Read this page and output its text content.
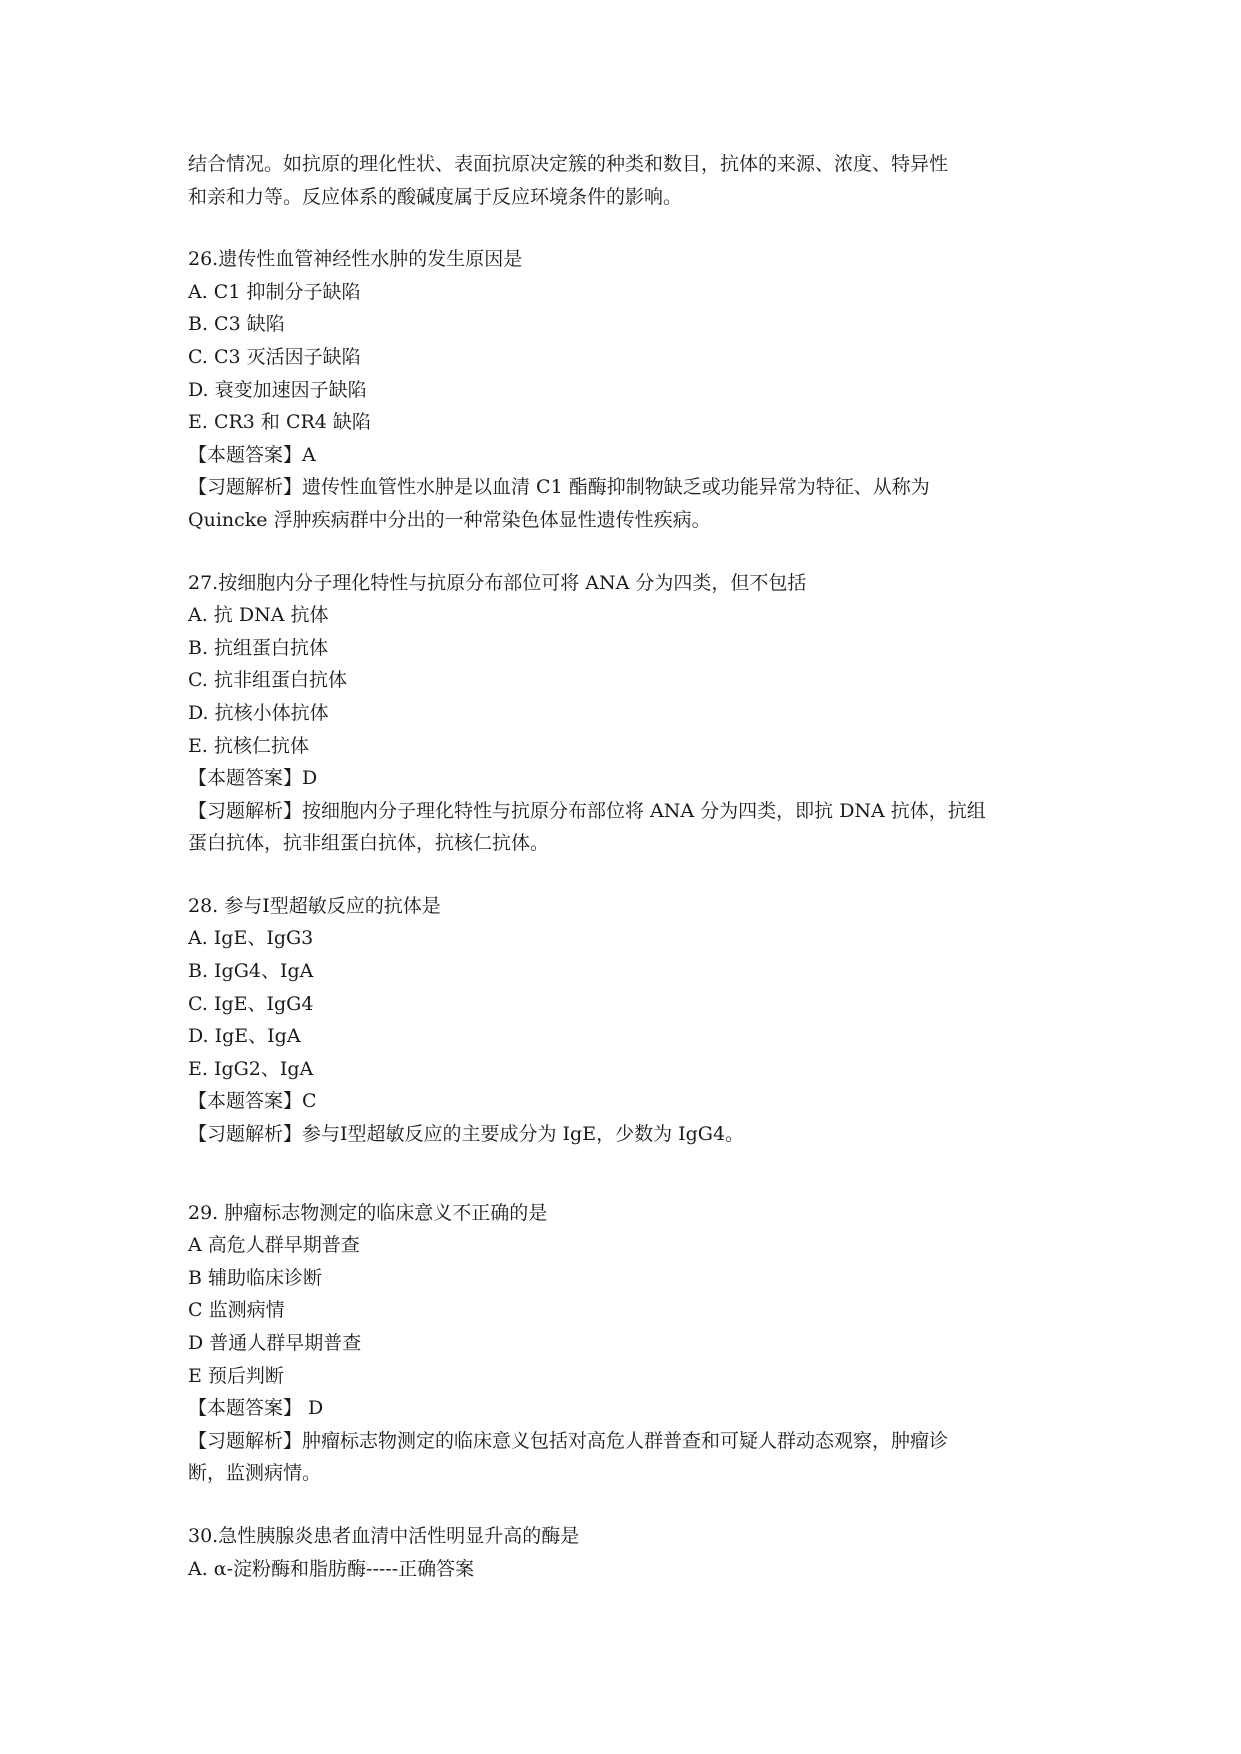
结合情况。如抗原的理化性状、表面抗原决定簇的种类和数目，抗体的来源、浓度、特异性
和亲和力等。反应体系的酸碱度属于反应环境条件的影响。
26.遗传性血管神经性水肿的发生原因是
A. C1 抑制分子缺陷
B. C3 缺陷
C. C3 灭活因子缺陷
D. 衰变加速因子缺陷
E. CR3 和 CR4 缺陷
【本题答案】A
【习题解析】遗传性血管性水肿是以血清 C1 酯酶抑制物缺乏或功能异常为特征、从称为
Quincke 浮肿疾病群中分出的一种常染色体显性遗传性疾病。
27.按细胞内分子理化特性与抗原分布部位可将 ANA 分为四类，但不包括
A. 抗 DNA 抗体
B. 抗组蛋白抗体
C. 抗非组蛋白抗体
D. 抗核小体抗体
E. 抗核仁抗体
【本题答案】D
【习题解析】按细胞内分子理化特性与抗原分布部位将 ANA 分为四类，即抗 DNA 抗体，抗组
蛋白抗体，抗非组蛋白抗体，抗核仁抗体。
28. 参与Ⅰ型超敏反应的抗体是
A. IgE、IgG3
B. IgG4、IgA
C. IgE、IgG4
D. IgE、IgA
E. IgG2、IgA
【本题答案】C
【习题解析】参与Ⅰ型超敏反应的主要成分为 IgE，少数为 IgG4。
29. 肿瘤标志物测定的临床意义不正确的是
A 高危人群早期普查
B 辅助临床诊断
C 监测病情
D 普通人群早期普查
E 预后判断
【本题答案】 D
【习题解析】肿瘤标志物测定的临床意义包括对高危人群普查和可疑人群动态观察，肿瘤诊
断，监测病情。
30.急性胰腺炎患者血清中活性明显升高的酶是
A. α-淀粉酶和脂肪酶-----正确答案
